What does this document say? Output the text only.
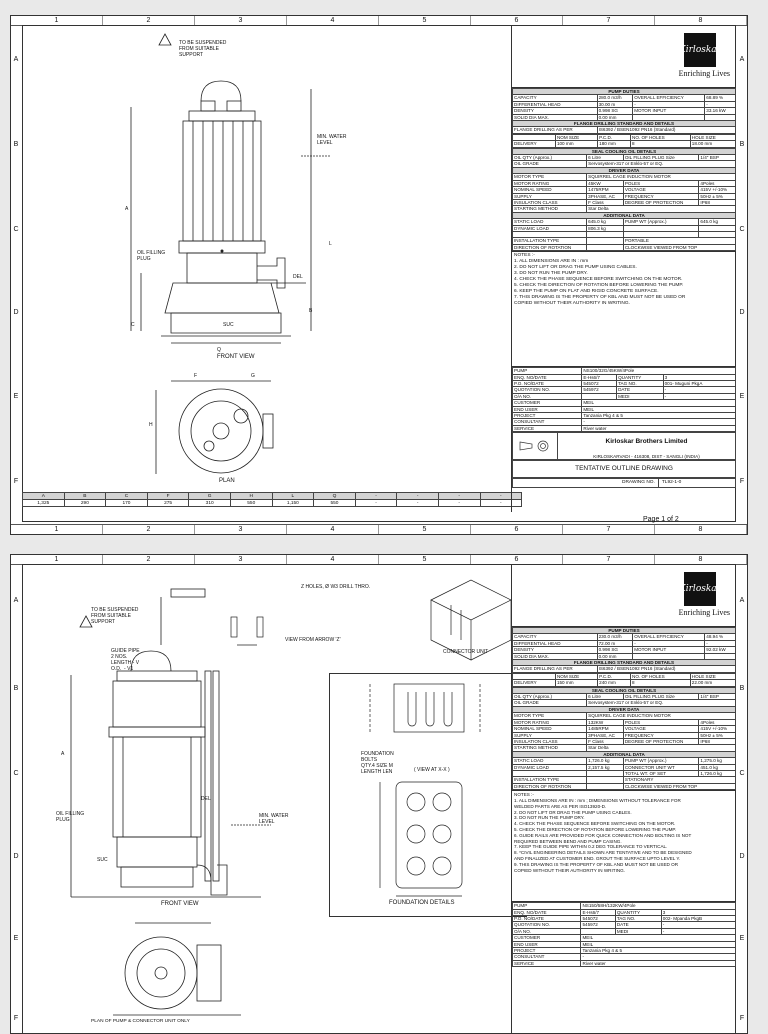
1	2	3	4	5	6	7	8
1	2	3	4	5	6	7	8
A
B
C
D
E
F
A
B
C
D
E
F
TO BE SUSPENDED
FROM SUITABLE
SUPPORT
MIN. WATER
LEVEL
OIL FILLING
PLUG
DEL
SUC
A
L
B
C
Q
FRONT VIEW
F	G
H
PLAN
A	B	C	F	G	H	L	Q	-	-	-	-
1,325	290	170	275	310	550	1,150	550	-	-	-	-
Kirloskar
Enriching Lives
PUMP DUTIES			
CAPACITY	280.0 m3/h	OVERALL EFFICIENCY	68.89 %
DIFFERENTIAL HEAD	30.00 m	-	-
DENSITY	0.998 SG	MOTOR INPUT	33.16 kW
SOLID DIA MAX.	0.00 mm		
FLANGE DRILLING STANDARD AND DETAILS			
FLANGE DRILLING AS PER	IS6392 / BSEN1092 PN16 (Standard)		
	NOM SIZE	P.C.D.	NO. OF HOLES	HOLE SIZE
DELIVERY	100 mm	180 mm	8	18.00 mm
SEAL COOLING OIL DETAILS			
OIL QTY (Approx.)	6 Litre	OIL FILLING PLUG Size	1/4" BSP
OIL GRADE	Servosystem-317 or Enklo-57 or EQ.		
DRIVER DATA			
MOTOR TYPE	SQUIRREL CAGE INDUCTION MOTOR		
MOTOR RATING	45KW	POLES	4Poles
NOMINAL SPEED	1475RPM	VOLTAGE	415V +/-10%
SUPPLY	3PHASE, AC	FREQUENCY	50Hz ± 5%
INSULATION CLASS	F Class	DEGREE OF PROTECTION	IP68
STARTING METHOD	Star Delta		
ADDITIONAL DATA			
STATIC LOAD	645.0 kg	PUMP WT (Approx.)	645.0 kg
DYNAMIC LOAD	806.3 kg		

INSTALLATION TYPE		PORTABLE	
DIRECTION OF ROTATION		CLOCKWISE VIEWED FROM TOP	
NOTES :-
1. ALL DIMENSIONS ARE IN : mm
2. DO NOT LIFT OR DRAG THE PUMP USING CABLES.
3. DO NOT RUN THE PUMP DRY.
4. CHECK THE PHASE SEQUENCE BEFORE SWITCHING ON THE MOTOR.
5. CHECK THE DIRECTION OF ROTATION BEFORE LOWERING THE PUMP.
6. KEEP THE PUMP ON FLAT AND RIGID CONCRETE SURFACE.
7. THIS DRAWING IS THE PROPERTY OF KBL AND MUST NOT BE USED OR
COPIED WITHOUT THEIR AUTHORITY IN WRITING.
PUMP	NS100/32G/45KW/4Pole		
ENQ. NO/DATE	E-Hs6/7	QUANTITY	3
P.O. NO/DATE	545072	TAG NO.	001- Muguni PkgA
QUOTATION NO.	545972	DATE	-
O/A NO.		MEDI	-
CUSTOMER	MEIL		
END USER	MEIL		
PROJECT	Tanzania Pkg 4 & 5		
CONSULTANT	-		
SERVICE	River water		
Kirloskar Brothers Limited
KIRLOSKARVADI - 416308, DIST - SANGLI (INDIA)
TENTATIVE OUTLINE DRAWING
DRAWING NO.	TL92-1-0
Page 1 of 2
1	2	3	4	5	6	7	8
A
B
C
D
E
F
A
B
C
D
E
F
TO BE SUSPENDED
FROM SUITABLE
SUPPORT
GUIDE PIPE
2 NOS.
LENGTH - V
O.D.  - V1
Z HOLES, Ø W3 DRILL THRO.
VIEW FROM ARROW 'Z'
MIN. WATER
LEVEL
OIL FILLING
PLUG
DEL
SUC
A
FRONT VIEW
PLAN OF PUMP & CONNECTOR UNIT ONLY
FOUNDATION
BOLTS
QTY.4 SIZE M
LENGTH LEN	( VIEW AT X-X )
FOUNDATION DETAILS
CONNECTOR UNIT
Kirloskar
Enriching Lives
PUMP DUTIES			
CAPACITY	230.0 m3/h	OVERALL EFFICIENCY	48.94 %
DIFFERENTIAL HEAD	72.00 m	-	-
DENSITY	0.998 SG	MOTOR INPUT	92.02 kW
SOLID DIA MAX.	0.00 mm		
FLANGE DRILLING STANDARD AND DETAILS			
FLANGE DRILLING AS PER	IS6392 / BSEN1092 PN16 (Standard)		
	NOM SIZE	P.C.D.	NO. OF HOLES	HOLE SIZE
DELIVERY	150 mm	240 mm	8	22.00 mm
SEAL COOLING OIL DETAILS			
OIL QTY (Approx.)	6 Litre	OIL FILLING PLUG Size	1/4" BSP
OIL GRADE	Servosystem-317 or Enklo-57 or EQ.		
DRIVER DATA			
MOTOR TYPE	SQUIRREL CAGE INDUCTION MOTOR		
MOTOR RATING	132KW	POLES	4Poles
NOMINAL SPEED	1485RPM	VOLTAGE	415V +/-10%
SUPPLY	3PHASE, AC	FREQUENCY	50Hz ± 5%
INSULATION CLASS	F Class	DEGREE OF PROTECTION	IP68
STARTING METHOD	Star Delta		
ADDITIONAL DATA			
STATIC LOAD	1,726.0 kg	PUMP WT (Approx.)	1,275.0 kg
DYNAMIC LOAD	2,157.5 kg	CONNECTOR UNIT WT	451.0 kg
		TOTAL WT. OF SET	1,726.0 kg
INSTALLATION TYPE		STATIONARY	
DIRECTION OF ROTATION		CLOCKWISE VIEWED FROM TOP	
NOTES :-
1. ALL DIMENSIONS ARE IN : mm ; DIMENSIONS WITHOUT TOLERANCE FOR
WELDED PARTS ARE AS PER ISO13920-D.
2. DO NOT LIFT OR DRAG THE PUMP USING CABLES.
3. DO NOT RUN THE PUMP DRY.
4. CHECK THE PHASE SEQUENCE BEFORE SWITCHING ON THE MOTOR.
5. CHECK THE DIRECTION OF ROTATION BEFORE LOWERING THE PUMP.
6. GUIDE RAILS ARE PROVIDED FOR QUICK CONNECTION AND BOLTING IS NOT
REQUIRED BETWEEN BEND AND PUMP CASING.
7. KEEP THE GUIDE PIPE WITHIN 0.2 DEG TOLERANCE TO VERTICAL.
8. *CIVIL ENGINEERING DETAILS SHOWN ARE TENTATIVE AND TO BE DESIGNED
AND FINALIZED AT CUSTOMER END. GROUT THE SURFACE UPTO LEVEL Y.
9. THIS DRAWING IS THE PROPERTY OF KBL AND MUST NOT BE USED OR
COPIED WITHOUT THEIR AUTHORITY IN WRITING.
PUMP	NS150/58H/132KW/4Pole		
ENQ. NO/DATE	E-Hs6/7	QUANTITY	3
P.O. NO/DATE	545072	TAG NO.	002- Mpanda PkgB
QUOTATION NO.	545972	DATE	-
O/A NO.		MEDI	-
CUSTOMER	MEIL		
END USER	MEIL		
PROJECT	Tanzania Pkg 4 & 5		
CONSULTANT	-		
SERVICE	River water		
